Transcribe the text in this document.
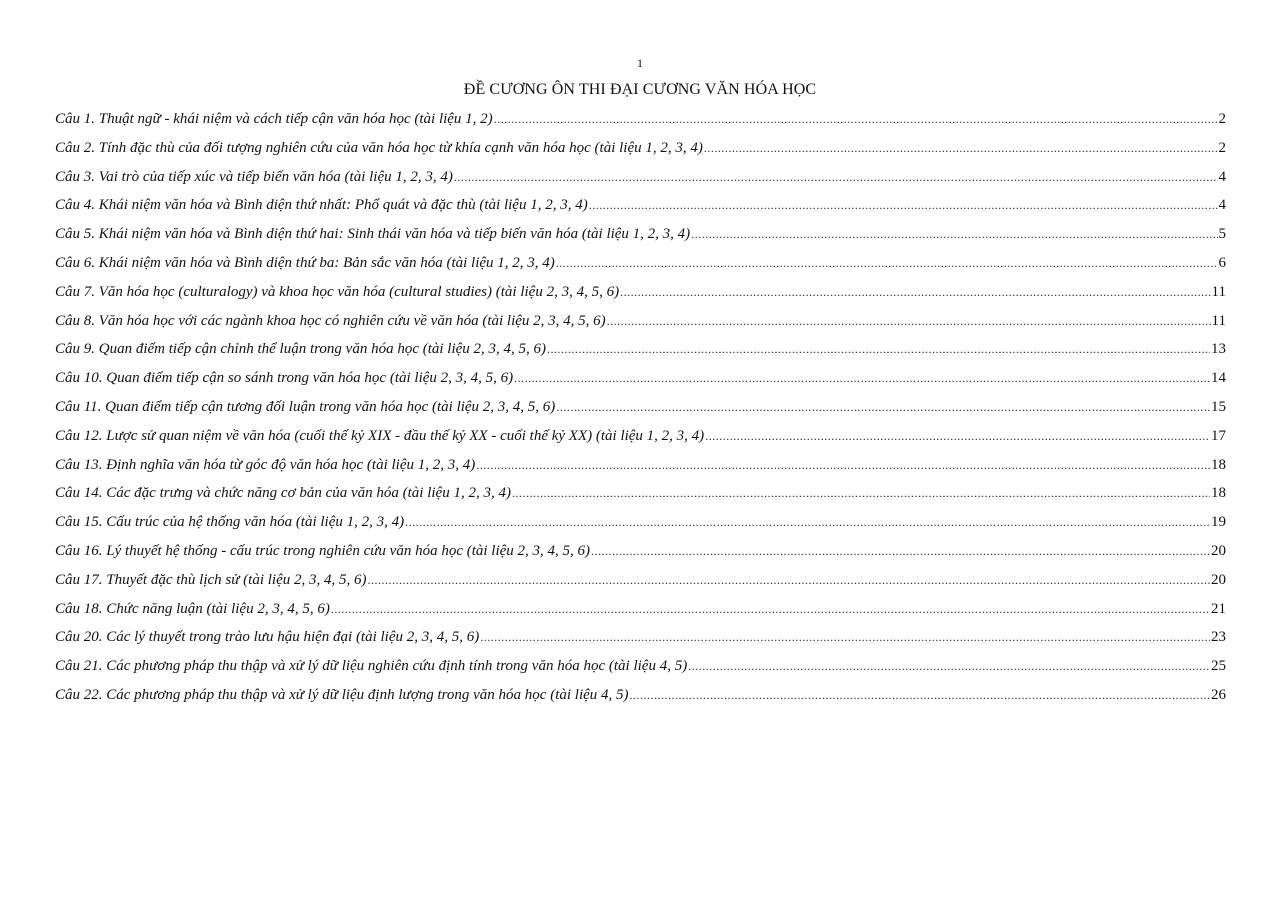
1
ĐỀ CƯƠNG ÔN THI ĐẠI CƯƠNG VĂN HÓA HỌC
Câu 1. Thuật ngữ - khái niệm và cách tiếp cận văn hóa học (tài liệu 1, 2) .....	2
Câu 2. Tính đặc thù của đối tượng nghiên cứu của văn hóa học từ khía cạnh văn hóa học (tài liệu 1, 2, 3, 4) .....	2
Câu 3. Vai trò của tiếp xúc và tiếp biến văn hóa (tài liệu 1, 2, 3, 4) .....	4
Câu 4. Khái niệm văn hóa và Bình diện thứ nhất: Phổ quát và đặc thù (tài liệu 1, 2, 3, 4) .....	4
Câu 5. Khái niệm văn hóa và Bình diện thứ hai: Sinh thái văn hóa và tiếp biến văn hóa (tài liệu 1, 2, 3, 4) .....	5
Câu 6. Khái niệm văn hóa và Bình diện thứ ba: Bản sắc văn hóa (tài liệu 1, 2, 3, 4) .....	6
Câu 7. Văn hóa học (culturalogy) và khoa học văn hóa (cultural studies) (tài liệu 2, 3, 4, 5, 6) .....	11
Câu 8. Văn hóa học với các ngành khoa học có nghiên cứu về văn hóa (tài liệu 2, 3, 4, 5, 6) .....	11
Câu 9. Quan điểm tiếp cận chỉnh thể luận trong văn hóa học (tài liệu 2, 3, 4, 5, 6) .....	13
Câu 10. Quan điểm tiếp cận so sánh trong văn hóa học (tài liệu 2, 3, 4, 5, 6) .....	14
Câu 11. Quan điểm tiếp cận tương đối luận trong văn hóa học (tài liệu 2, 3, 4, 5, 6) .....	15
Câu 12. Lược sử quan niệm về văn hóa (cuối thế kỷ XIX - đầu thế kỷ XX - cuối thế kỷ XX) (tài liệu 1, 2, 3, 4) .....	17
Câu 13. Định nghĩa văn hóa từ góc độ văn hóa học (tài liệu 1, 2, 3, 4) .....	18
Câu 14. Các đặc trưng và chức năng cơ bản của văn hóa (tài liệu 1, 2, 3, 4) .....	18
Câu 15. Cấu trúc của hệ thống văn hóa (tài liệu 1, 2, 3, 4) .....	19
Câu 16. Lý thuyết hệ thống - cấu trúc trong nghiên cứu văn hóa học (tài liệu 2, 3, 4, 5, 6) .....	20
Câu 17. Thuyết đặc thù lịch sử (tài liệu 2, 3, 4, 5, 6) .....	20
Câu 18. Chức năng luận (tài liệu 2, 3, 4, 5, 6) .....	21
Câu 20. Các lý thuyết trong trào lưu hậu hiện đại (tài liệu 2, 3, 4, 5, 6) .....	23
Câu 21. Các phương pháp thu thập và xử lý dữ liệu nghiên cứu định tính trong văn hóa học (tài liệu 4, 5) .....	25
Câu 22. Các phương pháp thu thập và xử lý dữ liệu định lượng trong văn hóa học (tài liệu 4, 5) .....	26
